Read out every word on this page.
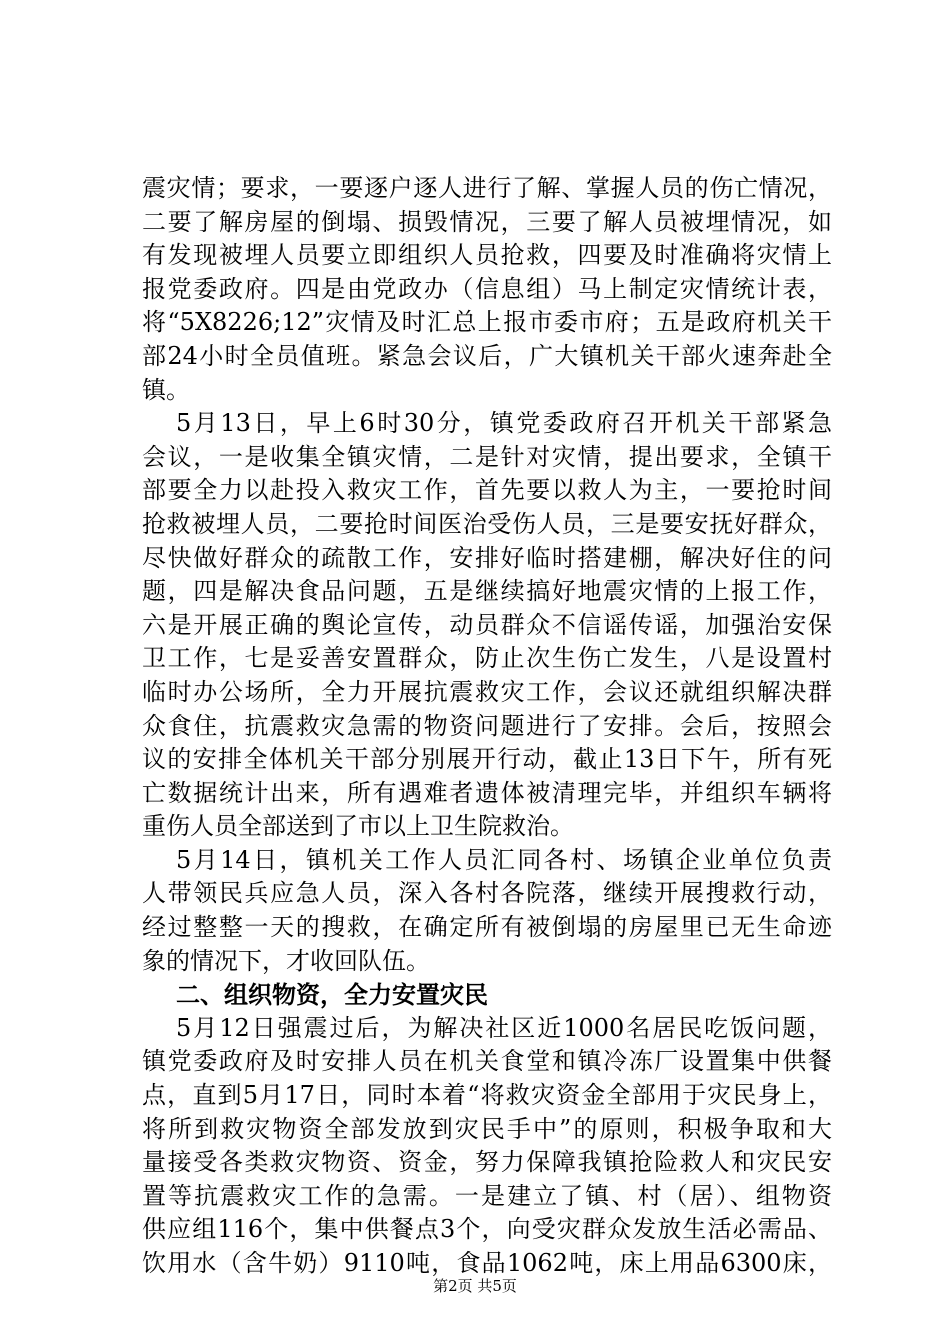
震灾情；要求，一要逐户逐人进行了解、掌握人员的伤亡情况，
二要了解房屋的倒塌、损毁情况，三要了解人员被埋情况，如
有发现被埋人员要立即组织人员抢救，四要及时准确将灾情上
报党委政府。四是由党政办（信息组）马上制定灾情统计表，
将“5X8226;12”灾情及时汇总上报市委市府；五是政府机关干
部24小时全员值班。紧急会议后，广大镇机关干部火速奔赴全
镇。
5月13日，早上6时30分，镇党委政府召开机关干部紧急
会议，一是收集全镇灾情，二是针对灾情，提出要求，全镇干
部要全力以赴投入救灾工作，首先要以救人为主，一要抢时间
抢救被埋人员，二要抢时间医治受伤人员，三是要安抚好群众，
尽快做好群众的疏散工作，安排好临时搭建棚，解决好住的问
题，四是解决食品问题，五是继续搞好地震灾情的上报工作，
六是开展正确的舆论宣传，动员群众不信谣传谣，加强治安保
卫工作，七是妥善安置群众，防止次生伤亡发生，八是设置村
临时办公场所，全力开展抗震救灾工作，会议还就组织解决群
众食住，抗震救灾急需的物资问题进行了安排。会后，按照会
议的安排全体机关干部分别展开行动，截止13日下午，所有死
亡数据统计出来，所有遇难者遗体被清理完毕，并组织车辆将
重伤人员全部送到了市以上卫生院救治。
5月14日，镇机关工作人员汇同各村、场镇企业单位负责
人带领民兵应急人员，深入各村各院落，继续开展搜救行动，
经过整整一天的搜救，在确定所有被倒塌的房屋里已无生命迹
象的情况下，才收回队伍。
二、组织物资，全力安置灾民
5月12日强震过后，为解决社区近1000名居民吃饭问题，
镇党委政府及时安排人员在机关食堂和镇冷冻厂设置集中供餐
点，直到5月17日，同时本着“将救灾资金全部用于灾民身上，
将所到救灾物资全部发放到灾民手中”的原则，积极争取和大
量接受各类救灾物资、资金，努力保障我镇抢险救人和灾民安
置等抗震救灾工作的急需。一是建立了镇、村（居）、组物资
供应组116个，集中供餐点3个，向受灾群众发放生活必需品、
饮用水（含牛奶）9110吨，食品1062吨，床上用品6300床，
第2页 共5页
